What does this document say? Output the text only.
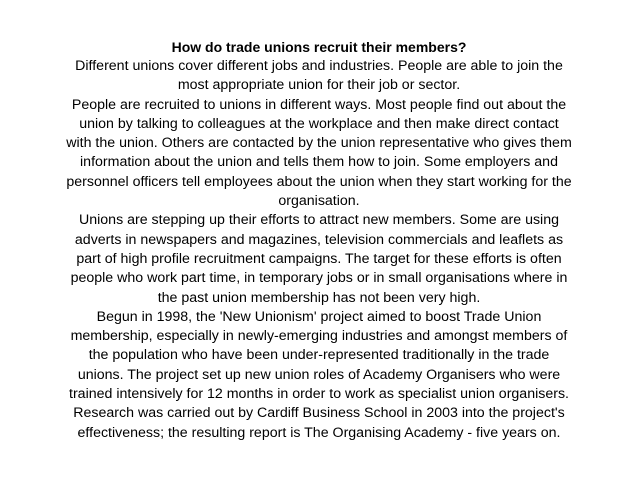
How do trade unions recruit their members?
Different unions cover different jobs and industries. People are able to join the
most appropriate union for their job or sector.
People are recruited to unions in different ways. Most people find out about the
union by talking to colleagues at the workplace and then make direct contact
with the union. Others are contacted by the union representative who gives them
information about the union and tells them how to join. Some employers and
personnel officers tell employees about the union when they start working for the
organisation.
Unions are stepping up their efforts to attract new members. Some are using
adverts in newspapers and magazines, television commercials and leaflets as
part of high profile recruitment campaigns. The target for these efforts is often
people who work part time, in temporary jobs or in small organisations where in
the past union membership has not been very high.
Begun in 1998, the 'New Unionism' project aimed to boost Trade Union
membership, especially in newly-emerging industries and amongst members of
the population who have been under-represented traditionally in the trade
unions. The project set up new union roles of Academy Organisers who were
trained intensively for 12 months in order to work as specialist union organisers.
Research was carried out by Cardiff Business School in 2003 into the project's
effectiveness; the resulting report is The Organising Academy - five years on.
